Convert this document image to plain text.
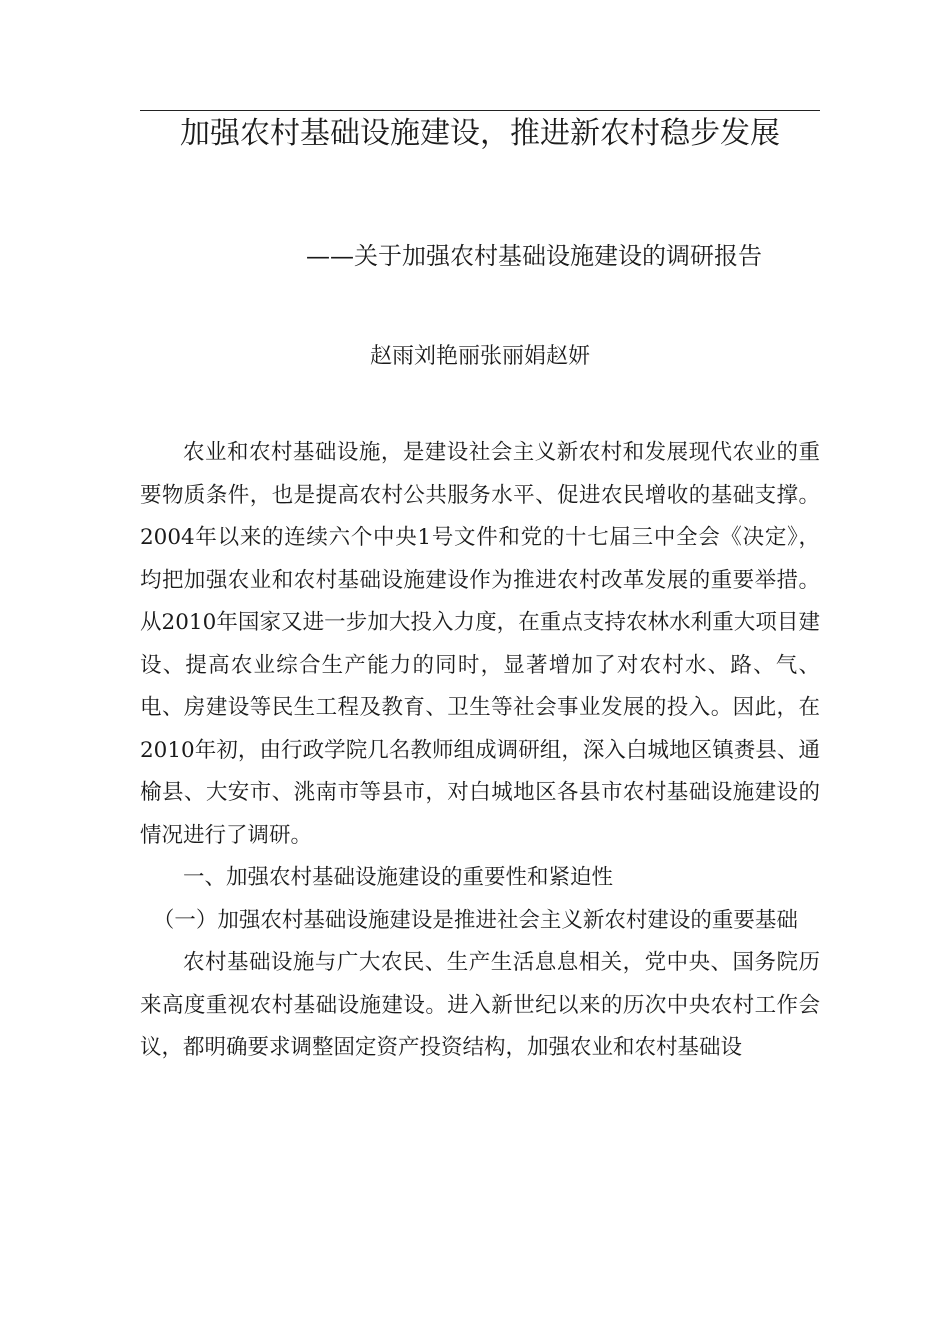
加强农村基础设施建设，推进新农村稳步发展
——关于加强农村基础设施建设的调研报告
赵雨刘艳丽张丽娟赵妍

农业和农村基础设施，是建设社会主义新农村和发展现代农业的重要物质条件，也是提高农村公共服务水平、促进农民增收的基础支撑。2004年以来的连续六个中央1号文件和党的十七届三中全会《决定》，均把加强农业和农村基础设施建设作为推进农村改革发展的重要举措。从2010年国家又进一步加大投入力度，在重点支持农林水利重大项目建设、提高农业综合生产能力的同时，显著增加了对农村水、路、气、电、房建设等民生工程及教育、卫生等社会事业发展的投入。因此，在2010年初，由行政学院几名教师组成调研组，深入白城地区镇赉县、通榆县、大安市、洮南市等县市，对白城地区各县市农村基础设施建设的情况进行了调研。

一、加强农村基础设施建设的重要性和紧迫性

（一）加强农村基础设施建设是推进社会主义新农村建设的重要基础

农村基础设施与广大农民、生产生活息息相关，党中央、国务院历来高度重视农村基础设施建设。进入新世纪以来的历次中央农村工作会议，都明确要求调整固定资产投资结构，加强农业和农村基础设
